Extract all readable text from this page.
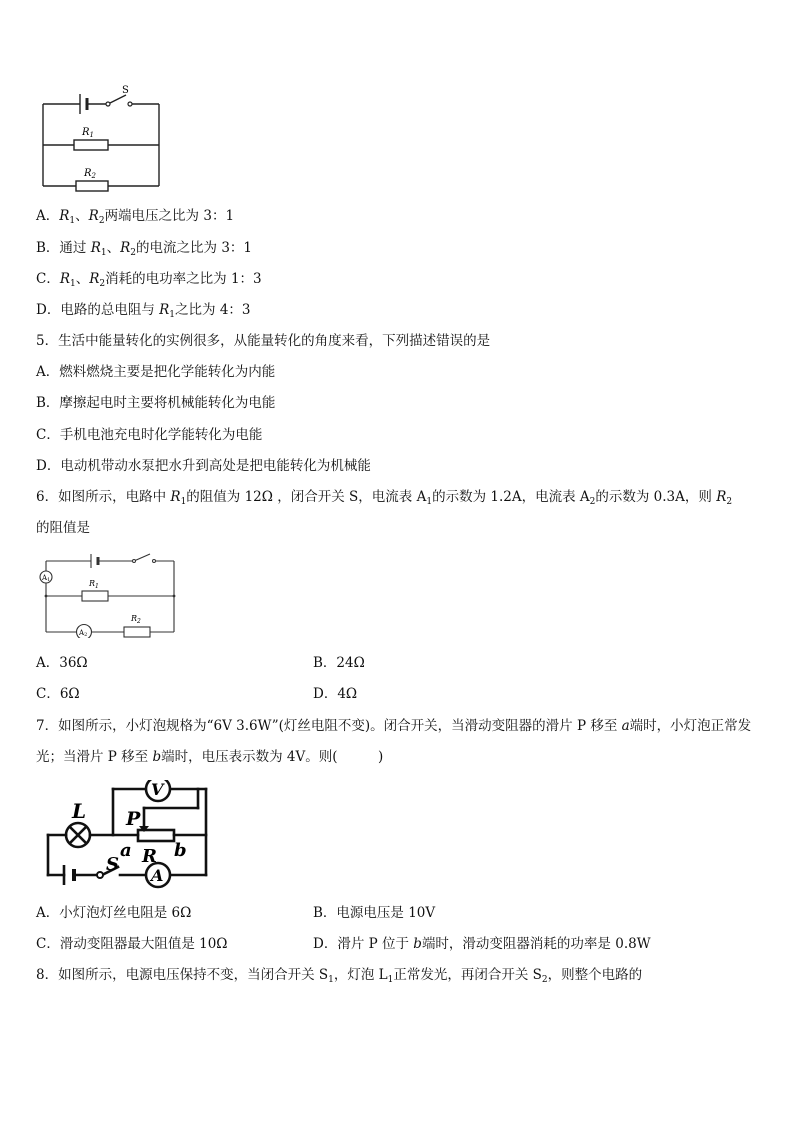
S
$R_1$
$R_2$
A．$R_1$、$R_2$两端电压之比为 3：1
B．通过 $R_1$、$R_2$的电流之比为 3：1
C．$R_1$、$R_2$消耗的电功率之比为 1：3
D．电路的总电阻与 $R_1$之比为 4：3
5．生活中能量转化的实例很多，从能量转化的角度来看，下列描述错误的是
A．燃料燃烧主要是把化学能转化为内能
B．摩擦起电时主要将机械能转化为电能
C．手机电池充电时化学能转化为电能
D．电动机带动水泵把水升到高处是把电能转化为机械能
6．如图所示，电路中 $R_1$的阻值为 12Ω ，闭合开关 S，电流表 $A_1$的示数为 1.2A，电流表 $A_2$的示数为 0.3A，则 $R_2$
的阻值是
A1
A2
$R_1$
$R_2$
A．36Ω	B．24Ω
C．6Ω	D．4Ω
7．如图所示，小灯泡规格为“6V 3.6W”(灯丝电阻不变)。闭合开关，当滑动变阻器的滑片 P 移至 a端时，小灯泡正常发
光；当滑片 P 移至 b端时，电压表示数为 4V。则(　　　)
L
V
P
a R b
S
A
A．小灯泡灯丝电阻是 6Ω	B．电源电压是 10V
C．滑动变阻器最大阻值是 10Ω	D．滑片 P 位于 b端时，滑动变阻器消耗的功率是 0.8W
8．如图所示，电源电压保持不变，当闭合开关 $S_1$，灯泡 $L_1$正常发光，再闭合开关 $S_2$，则整个电路的
